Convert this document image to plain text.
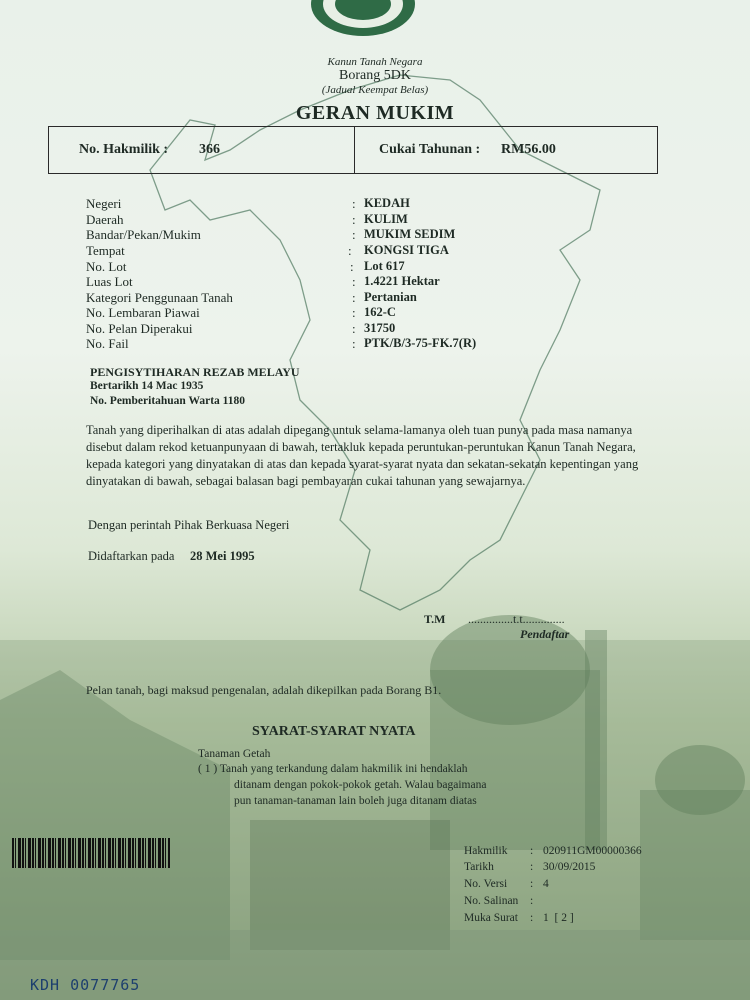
Kanun Tanah Negara
Borang 5DK
(Jadual Keempat Belas)
GERAN MUKIM
No. Hakmilik : 366	Cukai Tahunan : RM56.00
Negeri
Daerah
Bandar/Pekan/Mukim
Tempat
No. Lot
Luas Lot
Kategori Penggunaan Tanah
No. Lembaran Piawai
No. Pelan Diperakui
No. Fail
:
:
:
:
:
:
:
:
:
:
KEDAH
KULIM
MUKIM SEDIM
KONGSI TIGA
Lot 617
1.4221 Hektar
Pertanian
162-C
31750
PTK/B/3-75-FK.7(R)
PENGISYTIHARAN REZAB MELAYU
Bertarikh 14 Mac 1935
No. Pemberitahuan Warta 1180
Tanah yang diperihalkan di atas adalah dipegang untuk selama-lamanya oleh tuan punya pada masa namanya
disebut dalam rekod ketuanpunyaan di bawah, tertakluk kepada peruntukan-peruntukan Kanun Tanah Negara,
kepada kategori yang dinyatakan di atas dan kepada syarat-syarat nyata dan sekatan-sekatan kepentingan yang
dinyatakan di bawah, sebagai balasan bagi pembayaran cukai tahunan yang sewajarnya.
Dengan perintah Pihak Berkuasa Negeri
Didaftarkan pada 28 Mei 1995
T.M ...............t.t..............
Pendaftar
Pelan tanah, bagi maksud pengenalan, adalah dikepilkan pada Borang B1.
SYARAT-SYARAT NYATA
Tanaman Getah
( 1 ) Tanah yang terkandung dalam hakmilik ini hendaklah
ditanam dengan pokok-pokok getah. Walau bagaimana
pun tanaman-tanaman lain boleh juga ditanam diatas
Hakmilik
Tarikh
No. Versi
No. Salinan
Muka Surat
:
:
:
:
:
020911GM00000366
30/09/2015
4
1  [ 2 ]
KDH 0077765
